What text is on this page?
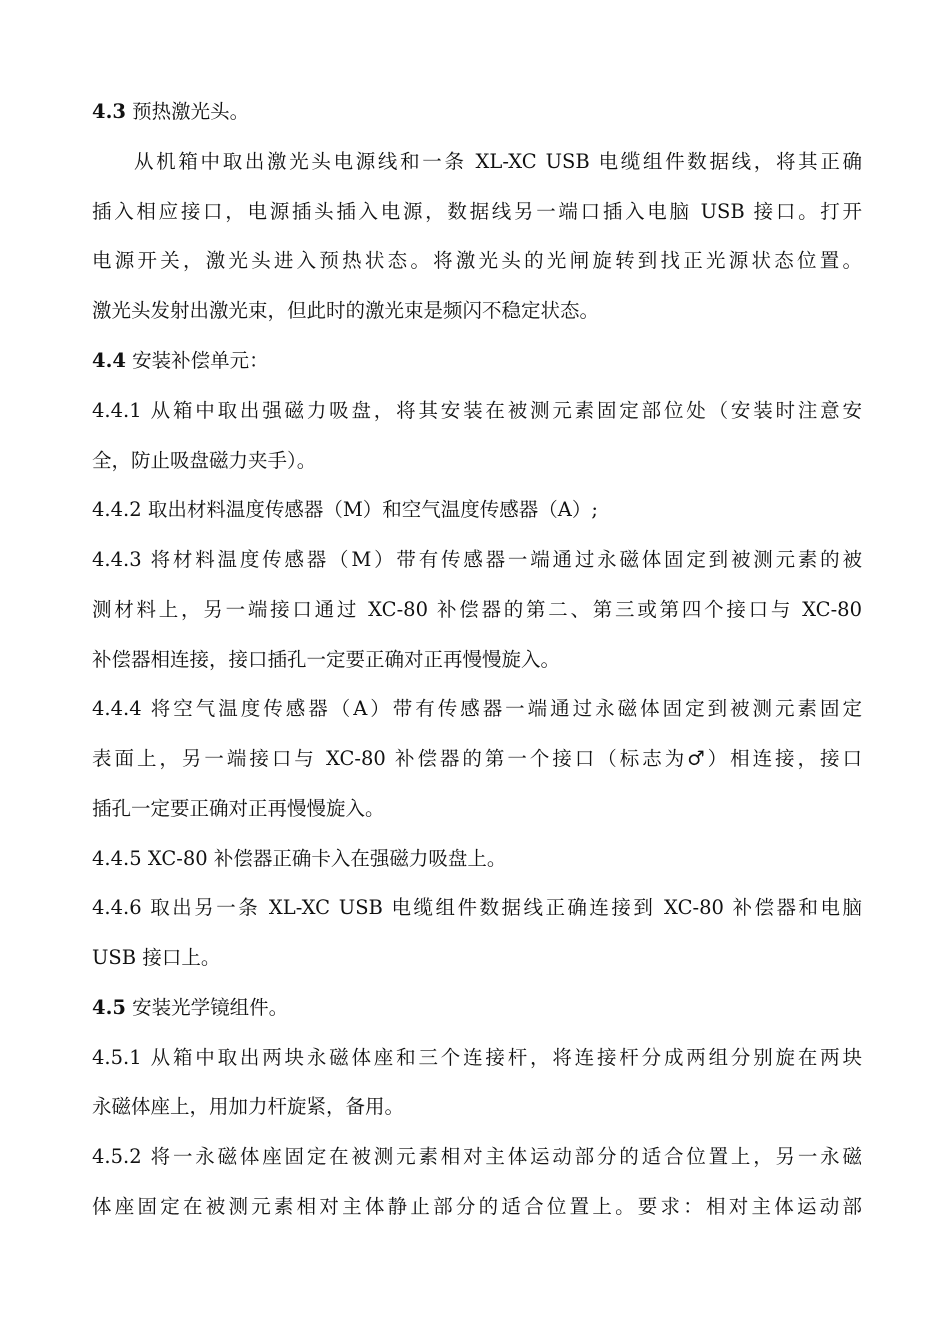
4.3 预热激光头。
从机箱中取出激光头电源线和一条 XL-XC USB 电缆组件数据线，将其正确
插入相应接口，电源插头插入电源，数据线另一端口插入电脑 USB 接口。打开
电源开关，激光头进入预热状态。将激光头的光闸旋转到找正光源状态位置。
激光头发射出激光束，但此时的激光束是频闪不稳定状态。
4.4 安装补偿单元：
4.4.1 从箱中取出强磁力吸盘，将其安装在被测元素固定部位处（安装时注意安
全，防止吸盘磁力夹手）。
4.4.2 取出材料温度传感器（M）和空气温度传感器（A）;
4.4.3 将材料温度传感器（M）带有传感器一端通过永磁体固定到被测元素的被
测材料上，另一端接口通过 XC-80 补偿器的第二、第三或第四个接口与 XC-80
补偿器相连接，接口插孔一定要正确对正再慢慢旋入。
4.4.4 将空气温度传感器（A）带有传感器一端通过永磁体固定到被测元素固定
表面上，另一端接口与 XC-80 补偿器的第一个接口（标志为♂）相连接，接口
插孔一定要正确对正再慢慢旋入。
4.4.5 XC-80 补偿器正确卡入在强磁力吸盘上。
4.4.6 取出另一条 XL-XC USB 电缆组件数据线正确连接到 XC-80 补偿器和电脑
USB 接口上。
4.5 安装光学镜组件。
4.5.1 从箱中取出两块永磁体座和三个连接杆，将连接杆分成两组分别旋在两块
永磁体座上，用加力杆旋紧，备用。
4.5.2 将一永磁体座固定在被测元素相对主体运动部分的适合位置上，另一永磁
体座固定在被测元素相对主体静止部分的适合位置上。要求：相对主体运动部
